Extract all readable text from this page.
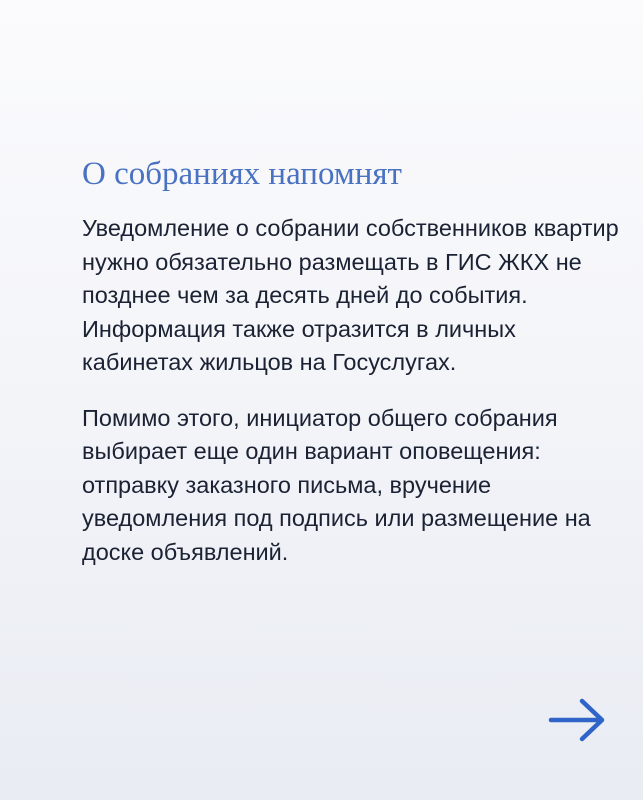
О собраниях напомнят

Уведомление о собрании собственников квартир нужно обязательно размещать в ГИС ЖКХ не позднее чем за десять дней до события. Информация также отразится в личных кабинетах жильцов на Госуслугах.

Помимо этого, инициатор общего собрания выбирает еще один вариант оповещения: отправку заказного письма, вручение уведомления под подпись или размещение на доске объявлений.
